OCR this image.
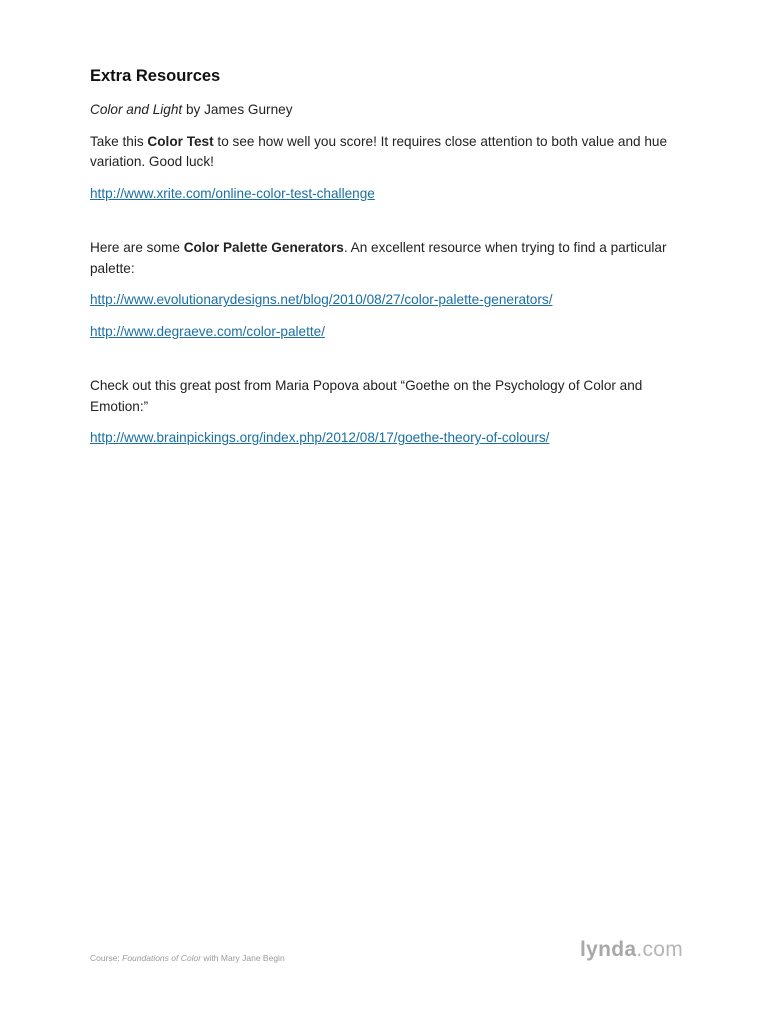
Extra Resources

Color and Light by James Gurney

Take this Color Test to see how well you score! It requires close attention to both value and hue variation. Good luck!

http://www.xrite.com/online-color-test-challenge

Here are some Color Palette Generators. An excellent resource when trying to find a particular palette:

http://www.evolutionarydesigns.net/blog/2010/08/27/color-palette-generators/

http://www.degraeve.com/color-palette/

Check out this great post from Maria Popova about “Goethe on the Psychology of Color and Emotion:”

http://www.brainpickings.org/index.php/2012/08/17/goethe-theory-of-colours/

Course: Foundations of Color with Mary Jane Begin	lynda.com
